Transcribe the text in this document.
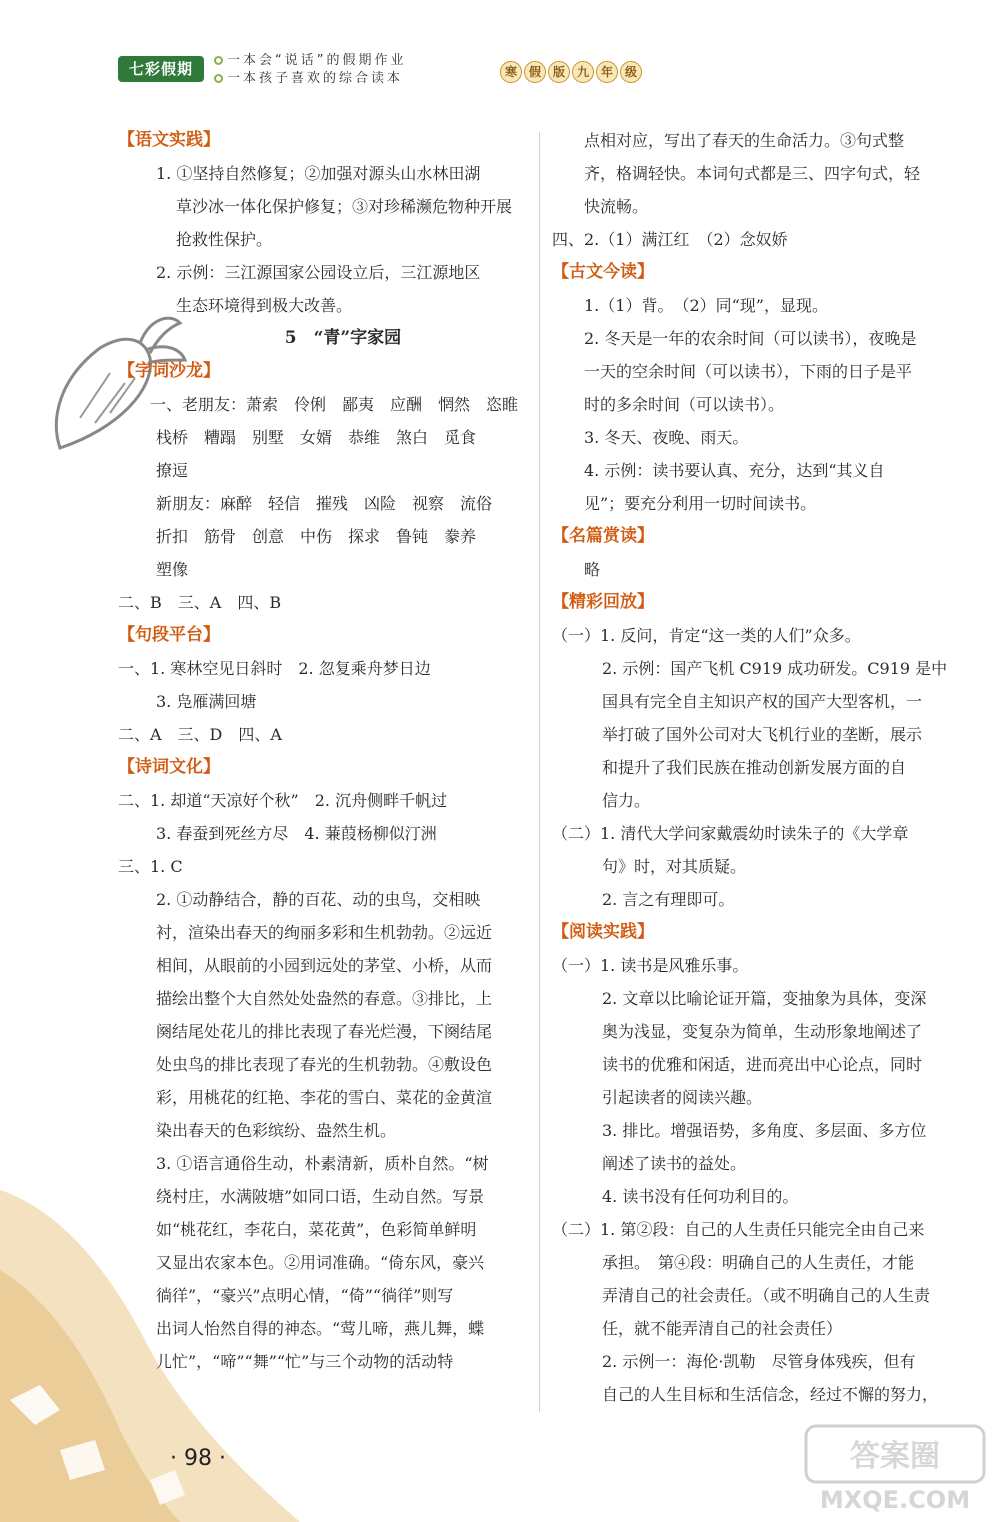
七彩假期	一本会“说话”的假期作业
一本孩子喜欢的综合读本	寒 假 版 九 年 级
【语文实践】
1. ①坚持自然修复；②加强对源头山水林田湖
草沙冰一体化保护修复；③对珍稀濒危物种开展
抢救性保护。
2. 示例：三江源国家公园设立后，三江源地区
生态环境得到极大改善。
5　“青”字家园
【字词沙龙】
一、老朋友：萧索　伶俐　鄙夷　应酬　惘然　恣睢
栈桥　糟蹋　别墅　女婿　恭维　煞白　觅食
撩逗
新朋友：麻醉　轻信　摧残　凶险　视察　流俗
折扣　筋骨　创意　中伤　探求　鲁钝　豢养
塑像
二、B　三、A　四、B
【句段平台】
一、1. 寒林空见日斜时　2. 忽复乘舟梦日边
3. 凫雁满回塘
二、A　三、D　四、A
【诗词文化】
二、1. 却道“天凉好个秋”　2. 沉舟侧畔千帆过
3. 春蚕到死丝方尽　4. 蒹葭杨柳似汀洲
三、1. C
2. ①动静结合，静的百花、动的虫鸟，交相映
衬，渲染出春天的绚丽多彩和生机勃勃。②远近
相间，从眼前的小园到远处的茅堂、小桥，从而
描绘出整个大自然处处盎然的春意。③排比，上
阕结尾处花儿的排比表现了春光烂漫，下阕结尾
处虫鸟的排比表现了春光的生机勃勃。④敷设色
彩，用桃花的红艳、李花的雪白、菜花的金黄渲
染出春天的色彩缤纷、盎然生机。
3. ①语言通俗生动，朴素清新，质朴自然。“树
绕村庄，水满陂塘”如同口语，生动自然。写景
如“桃花红，李花白，菜花黄”，色彩简单鲜明
又显出农家本色。②用词准确。“倚东风，豪兴
徜徉”，“豪兴”点明心情，“倚”“徜徉”则写
出词人怡然自得的神态。“莺儿啼，燕儿舞，蝶
儿忙”，“啼”“舞”“忙”与三个动物的活动特
点相对应，写出了春天的生命活力。③句式整
齐，格调轻快。本词句式都是三、四字句式，轻
快流畅。
四、2.（1）满江红　（2）念奴娇
【古文今读】
1.（1）背。　（2）同“现”，显现。
2. 冬天是一年的农余时间（可以读书），夜晚是
一天的空余时间（可以读书），下雨的日子是平
时的多余时间（可以读书）。
3. 冬天、夜晚、雨天。
4. 示例：读书要认真、充分，达到“其义自
见”；要充分利用一切时间读书。
【名篇赏读】
略
【精彩回放】
（一）1. 反问，肯定“这一类的人们”众多。
2. 示例：国产飞机 C919 成功研发。C919 是中
国具有完全自主知识产权的国产大型客机，一
举打破了国外公司对大飞机行业的垄断，展示
和提升了我们民族在推动创新发展方面的自
信力。
（二）1. 清代大学问家戴震幼时读朱子的《大学章
句》时，对其质疑。
2. 言之有理即可。
【阅读实践】
（一）1. 读书是风雅乐事。
2. 文章以比喻论证开篇，变抽象为具体，变深
奥为浅显，变复杂为简单，生动形象地阐述了
读书的优雅和闲适，进而亮出中心论点，同时
引起读者的阅读兴趣。
3. 排比。增强语势，多角度、多层面、多方位
阐述了读书的益处。
4. 读书没有任何功利目的。
（二）1. 第②段：自己的人生责任只能完全由自己来
承担。　第④段：明确自己的人生责任，才能
弄清自己的社会责任。（或不明确自己的人生责
任，就不能弄清自己的社会责任）
2. 示例一：海伦·凯勒　尽管身体残疾，但有
自己的人生目标和生活信念，经过不懈的努力，
· 98 ·	答案圈
MXQE.COM
